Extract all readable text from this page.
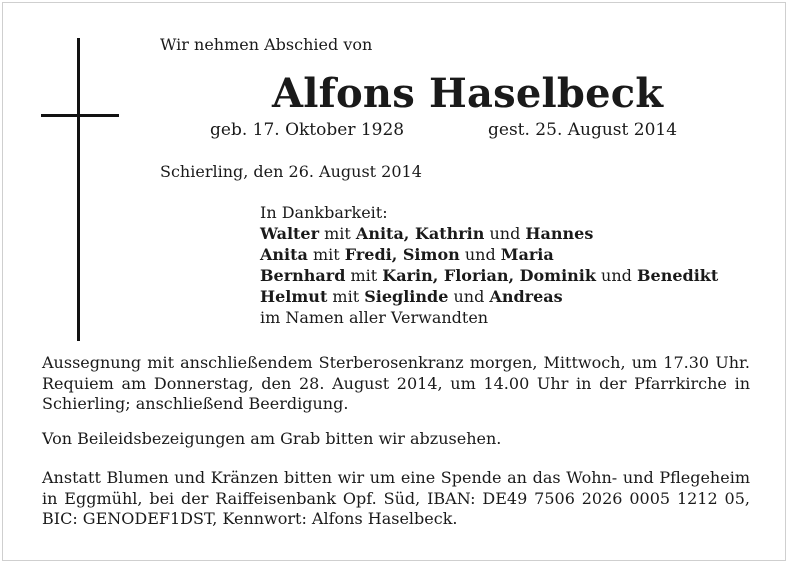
Wir nehmen Abschied von
Alfons Haselbeck
geb. 17. Oktober 1928	gest. 25. August 2014
Schierling, den 26. August 2014
In Dankbarkeit:
Walter mit Anita, Kathrin und Hannes
Anita mit Fredi, Simon und Maria
Bernhard mit Karin, Florian, Dominik und Benedikt
Helmut mit Sieglinde und Andreas
im Namen aller Verwandten
Aussegnung mit anschließendem Sterberosenkranz morgen, Mittwoch, um 17.30 Uhr. Requiem am Donnerstag, den 28. August 2014, um 14.00 Uhr in der Pfarrkirche in Schierling; anschließend Beerdigung.
Von Beileidsbezeigungen am Grab bitten wir abzusehen.
Anstatt Blumen und Kränzen bitten wir um eine Spende an das Wohn- und Pflegeheim in Eggmühl, bei der Raiffeisenbank Opf. Süd, IBAN: DE49 7506 2026 0005 1212 05, BIC: GENODEF1DST, Kennwort: Alfons Haselbeck.
